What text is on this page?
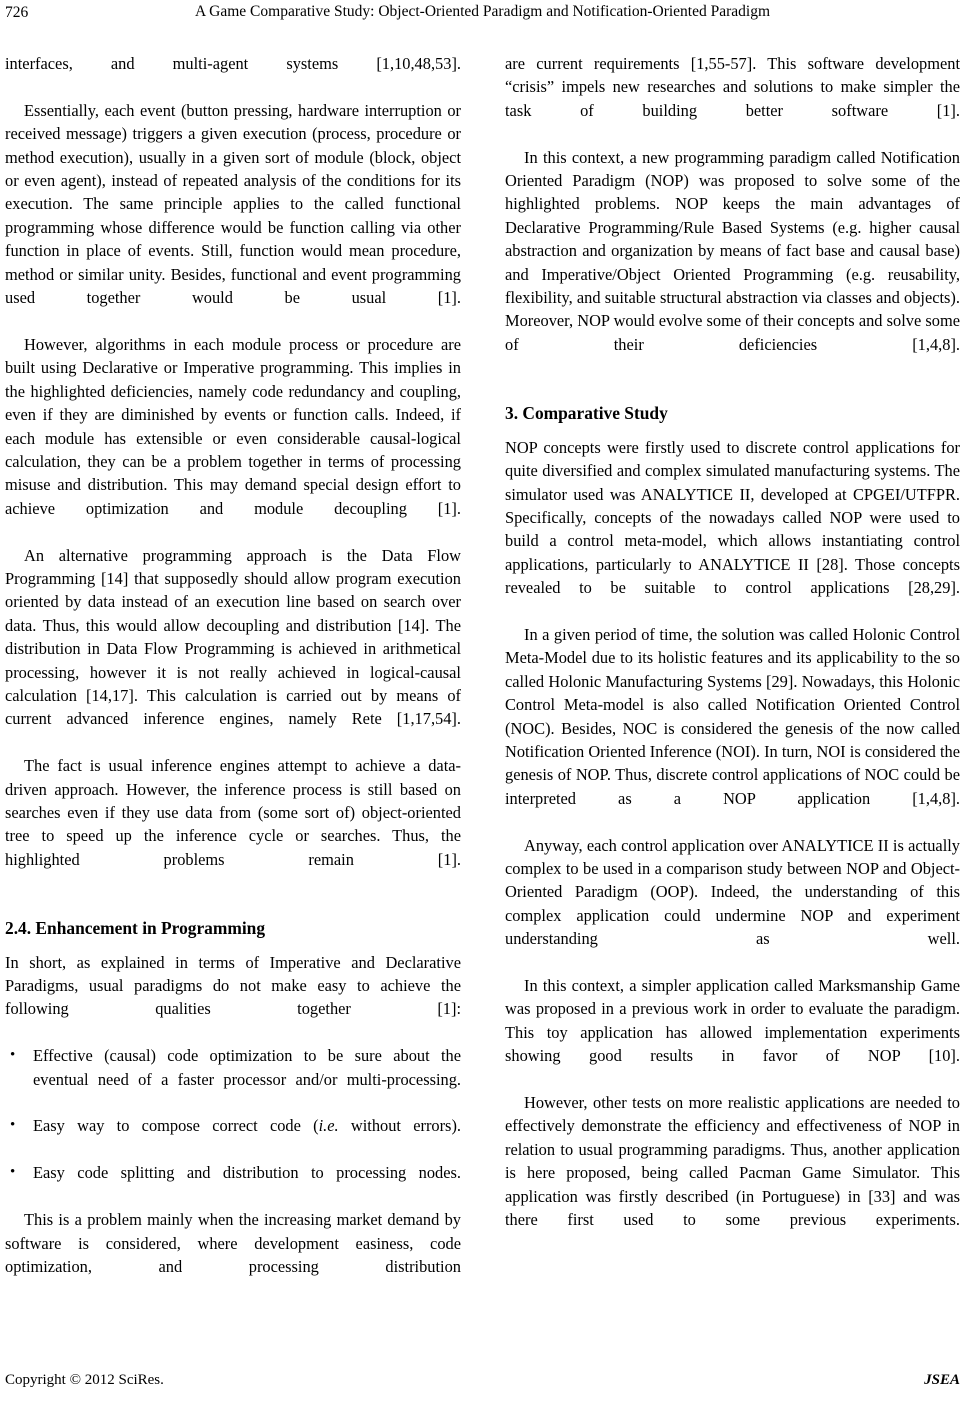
726	A Game Comparative Study: Object-Oriented Paradigm and Notification-Oriented Paradigm

interfaces, and multi-agent systems [1,10,48,53].

Essentially, each event (button pressing, hardware interruption or received message) triggers a given execution (process, procedure or method execution), usually in a given sort of module (block, object or even agent), instead of repeated analysis of the conditions for its execution. The same principle applies to the called functional programming whose difference would be function calling via other function in place of events. Still, function would mean procedure, method or similar unity. Besides, functional and event programming used together would be usual [1].

However, algorithms in each module process or procedure are built using Declarative or Imperative programming. This implies in the highlighted deficiencies, namely code redundancy and coupling, even if they are diminished by events or function calls. Indeed, if each module has extensible or even considerable causal-logical calculation, they can be a problem together in terms of processing misuse and distribution. This may demand special design effort to achieve optimization and module decoupling [1].

An alternative programming approach is the Data Flow Programming [14] that supposedly should allow program execution oriented by data instead of an execution line based on search over data. Thus, this would allow decoupling and distribution [14]. The distribution in Data Flow Programming is achieved in arithmetical processing, however it is not really achieved in logical-causal calculation [14,17]. This calculation is carried out by means of current advanced inference engines, namely Rete [1,17,54].

The fact is usual inference engines attempt to achieve a data-driven approach. However, the inference process is still based on searches even if they use data from (some sort of) object-oriented tree to speed up the inference cycle or searches. Thus, the highlighted problems remain [1].

2.4. Enhancement in Programming

In short, as explained in terms of Imperative and Declarative Paradigms, usual paradigms do not make easy to achieve the following qualities together [1]:

• Effective (causal) code optimization to be sure about the eventual need of a faster processor and/or multi-processing.
• Easy way to compose correct code (i.e. without errors).
• Easy code splitting and distribution to processing nodes.

This is a problem mainly when the increasing market demand by software is considered, where development easiness, code optimization, and processing distribution

are current requirements [1,55-57]. This software development “crisis” impels new researches and solutions to make simpler the task of building better software [1].

In this context, a new programming paradigm called Notification Oriented Paradigm (NOP) was proposed to solve some of the highlighted problems. NOP keeps the main advantages of Declarative Programming/Rule Based Systems (e.g. higher causal abstraction and organization by means of fact base and causal base) and Imperative/Object Oriented Programming (e.g. reusability, flexibility, and suitable structural abstraction via classes and objects). Moreover, NOP would evolve some of their concepts and solve some of their deficiencies [1,4,8].

3. Comparative Study

NOP concepts were firstly used to discrete control applications for quite diversified and complex simulated manufacturing systems. The simulator used was ANALYTICE II, developed at CPGEI/UTFPR. Specifically, concepts of the nowadays called NOP were used to build a control meta-model, which allows instantiating control applications, particularly to ANALYTICE II [28]. Those concepts revealed to be suitable to control applications [28,29].

In a given period of time, the solution was called Holonic Control Meta-Model due to its holistic features and its applicability to the so called Holonic Manufacturing Systems [29]. Nowadays, this Holonic Control Meta-model is also called Notification Oriented Control (NOC). Besides, NOC is considered the genesis of the now called Notification Oriented Inference (NOI). In turn, NOI is considered the genesis of NOP. Thus, discrete control applications of NOC could be interpreted as a NOP application [1,4,8].

Anyway, each control application over ANALYTICE II is actually complex to be used in a comparison study between NOP and Object-Oriented Paradigm (OOP). Indeed, the understanding of this complex application could undermine NOP and experiment understanding as well.

In this context, a simpler application called Marksmanship Game was proposed in a previous work in order to evaluate the paradigm. This toy application has allowed implementation experiments showing good results in favor of NOP [10].

However, other tests on more realistic applications are needed to effectively demonstrate the efficiency and effectiveness of NOP in relation to usual programming paradigms. Thus, another application is here proposed, being called Pacman Game Simulator. This application was firstly described (in Portuguese) in [33] and was there first used to some previous experiments.

Copyright © 2012 SciRes.	JSEA
